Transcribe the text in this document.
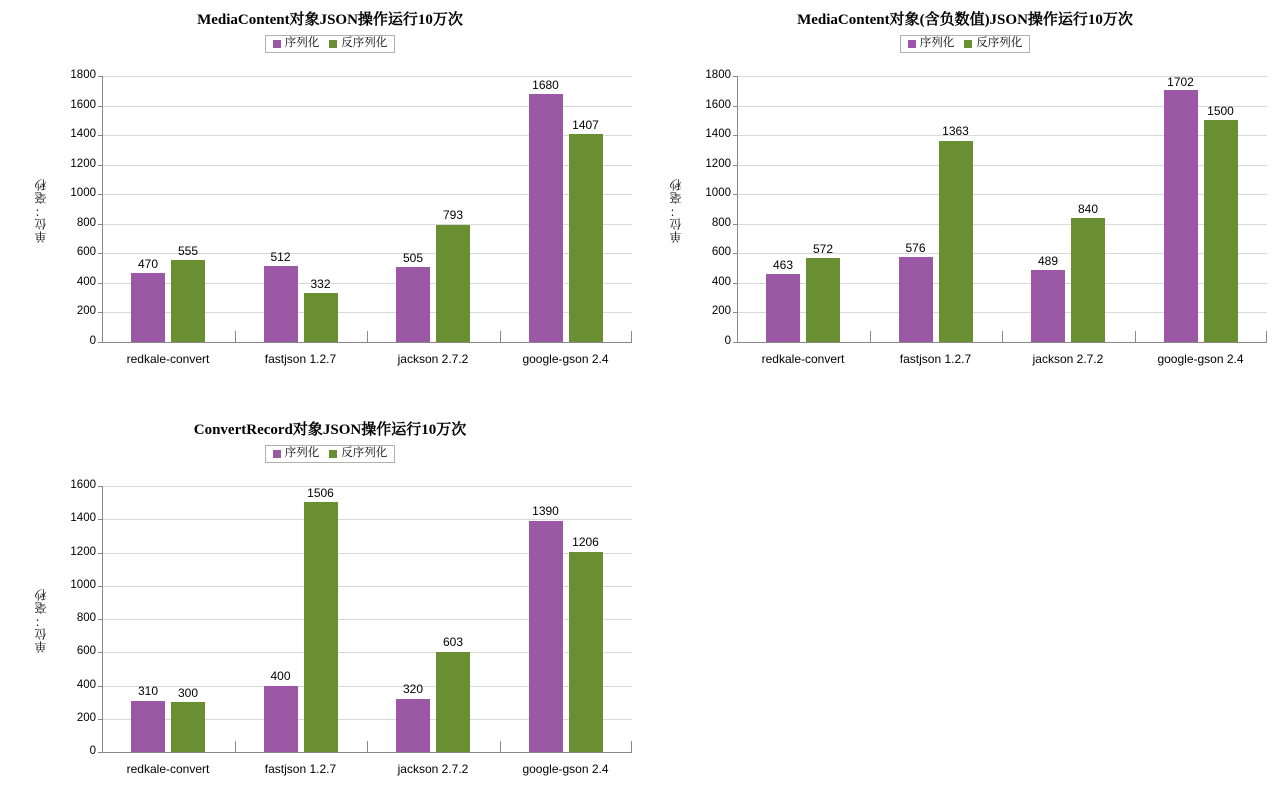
MediaContent对象JSON操作运行10万次
序列化 反序列化
单位：毫秒
0
200
400
600
800
1000
1200
1400
1600
1800
470
555	512
332
505
793
1680
1407
redkale-convert	fastjson 1.2.7	jackson 2.7.2	google-gson 2.4
MediaContent对象(含负数值)JSON操作运行10万次
序列化 反序列化
单位：毫秒
0
200
400
600
800
1000
1200
1400
1600
1800
463
572	576
1363
489
840
1702
1500
redkale-convert	fastjson 1.2.7	jackson 2.7.2	google-gson 2.4
ConvertRecord对象JSON操作运行10万次
序列化 反序列化
单位：毫秒
0
200
400
600
800
1000
1200
1400
1600
310	300
400
1506
320
603
1390
1206
redkale-convert	fastjson 1.2.7	jackson 2.7.2	google-gson 2.4
